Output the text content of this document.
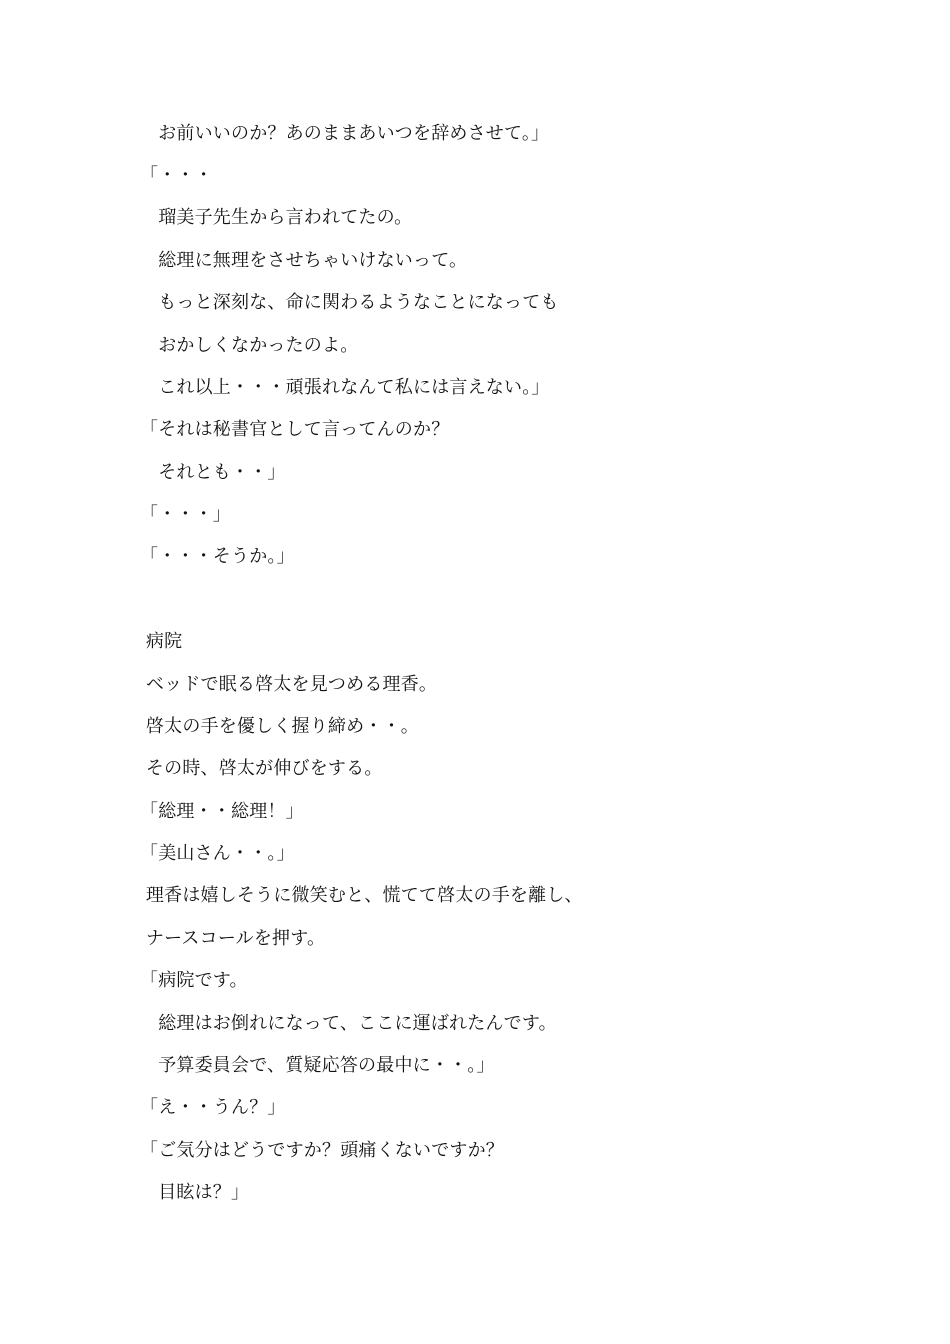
　お前いいのか？あのままあいつを辞めさせて。」
「・・・
　瑠美子先生から言われてたの。
　総理に無理をさせちゃいけないって。
　もっと深刻な、命に関わるようなことになっても
　おかしくなかったのよ。
　これ以上・・・頑張れなんて私には言えない。」
「それは秘書官として言ってんのか？
　それとも・・」
「・・・」
「・・・そうか。」
病院
ベッドで眠る啓太を見つめる理香。
啓太の手を優しく握り締め・・。
その時、啓太が伸びをする。
「総理・・総理！」
「美山さん・・。」
理香は嬉しそうに微笑むと、慌てて啓太の手を離し、
ナースコールを押す。
「病院です。
　総理はお倒れになって、ここに運ばれたんです。
　予算委員会で、質疑応答の最中に・・。」
「え・・うん？」
「ご気分はどうですか？頭痛くないですか？
　目眩は？」
